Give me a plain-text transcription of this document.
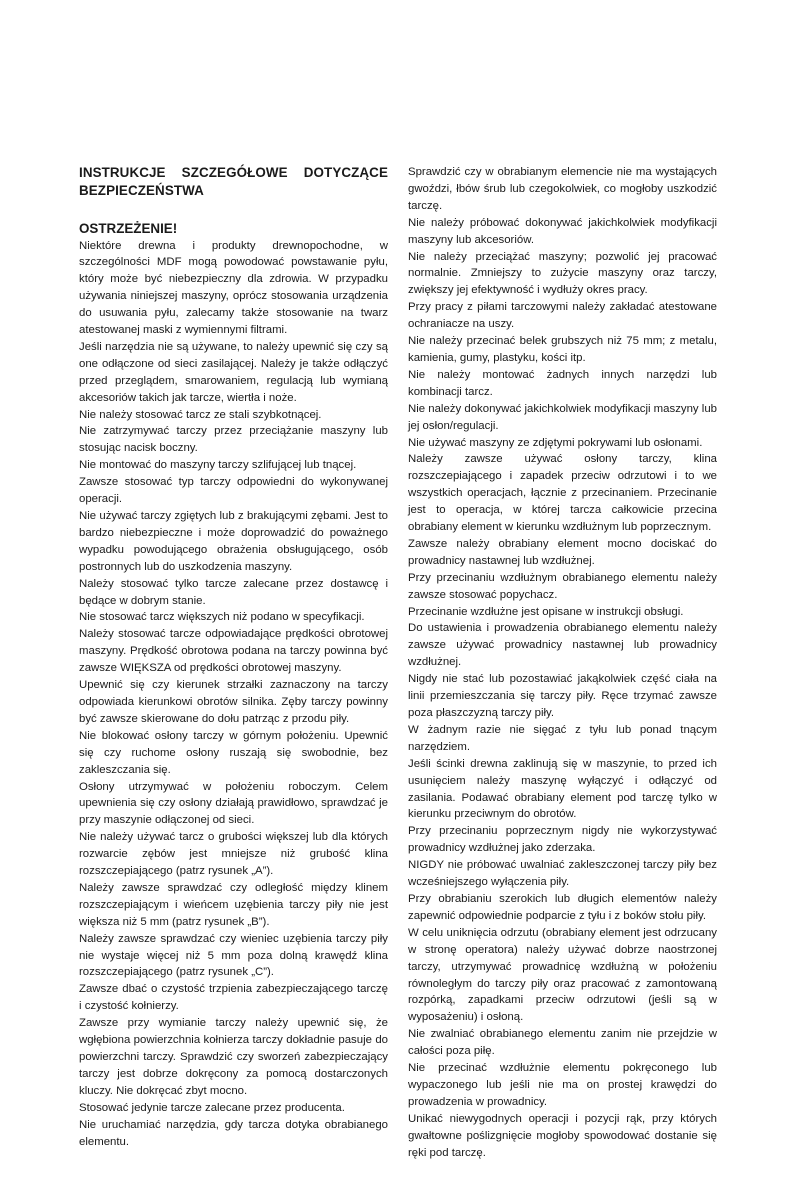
INSTRUKCJE SZCZEGÓŁOWE DOTYCZĄCE BEZPIECZEŃSTWA
OSTRZEŻENIE!

Niektóre drewna i produkty drewnopochodne, w szczególności MDF mogą powodować powstawanie pyłu, który może być niebezpieczny dla zdrowia. W przypadku używania niniejszej maszyny, oprócz stosowania urządzenia do usuwania pyłu, zalecamy także stosowanie na twarz atestowanej maski z wymiennymi filtrami.

Jeśli narzędzia nie są używane, to należy upewnić się czy są one odłączone od sieci zasilającej. Należy je także odłączyć przed przeglądem, smarowaniem, regulacją lub wymianą akcesoriów takich jak tarcze, wiertła i noże.

Nie należy stosować tarcz ze stali szybkotnącej.

Nie zatrzymywać tarczy przez przeciążanie maszyny lub stosując nacisk boczny.

Nie montować do maszyny tarczy szlifującej lub tnącej.

Zawsze stosować typ tarczy odpowiedni do wykonywanej operacji.

Nie używać tarczy zgiętych lub z brakującymi zębami. Jest to bardzo niebezpieczne i może doprowadzić do poważnego wypadku powodującego obrażenia obsługującego, osób postronnych lub do uszkodzenia maszyny.

Należy stosować tylko tarcze zalecane przez dostawcę i będące w dobrym stanie.

Nie stosować tarcz większych niż podano w specyfikacji.

Należy stosować tarcze odpowiadające prędkości obrotowej maszyny. Prędkość obrotowa podana na tarczy powinna być zawsze WIĘKSZA od prędkości obrotowej maszyny.

Upewnić się czy kierunek strzałki zaznaczony na tarczy odpowiada kierunkowi obrotów silnika. Zęby tarczy powinny być zawsze skierowane do dołu patrząc z przodu piły.

Nie blokować osłony tarczy w górnym położeniu. Upewnić się czy ruchome osłony ruszają się swobodnie, bez zakleszczania się.

Osłony utrzymywać w położeniu roboczym. Celem upewnienia się czy osłony działają prawidłowo, sprawdzać je przy maszynie odłączonej od sieci.

Nie należy używać tarcz o grubości większej lub dla których rozwarcie zębów jest mniejsze niż grubość klina rozszczepiającego (patrz rysunek „A”).

Należy zawsze sprawdzać czy odległość między klinem rozszczepiającym i wieńcem uzębienia tarczy piły nie jest większa niż 5 mm (patrz rysunek „B”).

Należy zawsze sprawdzać czy wieniec uzębienia tarczy piły nie wystaje więcej niż 5 mm poza dolną krawędź klina rozszczepiającego (patrz rysunek „C”).

Zawsze dbać o czystość trzpienia zabezpieczającego tarczę i czystość kołnierzy.

Zawsze przy wymianie tarczy należy upewnić się, że wgłębiona powierzchnia kołnierza tarczy dokładnie pasuje do powierzchni tarczy. Sprawdzić czy sworzeń zabezpieczający tarczy jest dobrze dokręcony za pomocą dostarczonych kluczy. Nie dokręcać zbyt mocno.

Stosować jedynie tarcze zalecane przez producenta.

Nie uruchamiać narzędzia, gdy tarcza dotyka obrabianego elementu.

Sprawdzić czy w obrabianym elemencie nie ma wystających gwoździ, łbów śrub lub czegokolwiek, co mogłoby uszkodzić tarczę.

Nie należy próbować dokonywać jakichkolwiek modyfikacji maszyny lub akcesoriów.

Nie należy przeciążać maszyny; pozwolić jej pracować normalnie. Zmniejszy to zużycie maszyny oraz tarczy, zwiększy jej efektywność i wydłuży okres pracy.

Przy pracy z piłami tarczowymi należy zakładać atestowane ochraniacze na uszy.

Nie należy przecinać belek grubszych niż 75 mm; z metalu, kamienia, gumy, plastyku, kości itp.

Nie należy montować żadnych innych narzędzi lub kombinacji tarcz.

Nie należy dokonywać jakichkolwiek modyfikacji maszyny lub jej osłon/regulacji.

Nie używać maszyny ze zdjętymi pokrywami lub osłonami.

Należy zawsze używać osłony tarczy, klina rozszczepiającego i zapadek przeciw odrzutowi i to we wszystkich operacjach, łącznie z przecinaniem. Przecinanie jest to operacja, w której tarcza całkowicie przecina obrabiany element w kierunku wzdłużnym lub poprzecznym.

Zawsze należy obrabiany element mocno dociskać do prowadnicy nastawnej lub wzdłużnej.

Przy przecinaniu wzdłużnym obrabianego elementu należy zawsze stosować popychacz.

Przecinanie wzdłużne jest opisane w instrukcji obsługi.

Do ustawienia i prowadzenia obrabianego elementu należy zawsze używać prowadnicy nastawnej lub prowadnicy wzdłużnej.

Nigdy nie stać lub pozostawiać jakąkolwiek część ciała na linii przemieszczania się tarczy piły. Ręce trzymać zawsze poza płaszczyzną tarczy piły.

W żadnym razie nie sięgać z tyłu lub ponad tnącym narzędziem.

Jeśli ścinki drewna zaklinują się w maszynie, to przed ich usunięciem należy maszynę wyłączyć i odłączyć od zasilania. Podawać obrabiany element pod tarczę tylko w kierunku przeciwnym do obrotów.

Przy przecinaniu poprzecznym nigdy nie wykorzystywać prowadnicy wzdłużnej jako zderzaka.

NIGDY nie próbować uwalniać zakleszczonej tarczy piły bez wcześniejszego wyłączenia piły.

Przy obrabianiu szerokich lub długich elementów należy zapewnić odpowiednie podparcie z tyłu i z boków stołu piły.

W celu uniknięcia odrzutu (obrabiany element jest odrzucany w stronę operatora) należy używać dobrze naostrzonej tarczy, utrzymywać prowadnicę wzdłużną w położeniu równoległym do tarczy piły oraz pracować z zamontowaną rozpórką, zapadkami przeciw odrzutowi (jeśli są w wyposażeniu) i osłoną.

Nie zwalniać obrabianego elementu zanim nie przejdzie w całości poza piłę.

Nie przecinać wzdłużnie elementu pokręconego lub wypaczonego lub jeśli nie ma on prostej krawędzi do prowadzenia w prowadnicy.

Unikać niewygodnych operacji i pozycji rąk, przy których gwałtowne poślizgnięcie mogłoby spowodować dostanie się ręki pod tarczę.
